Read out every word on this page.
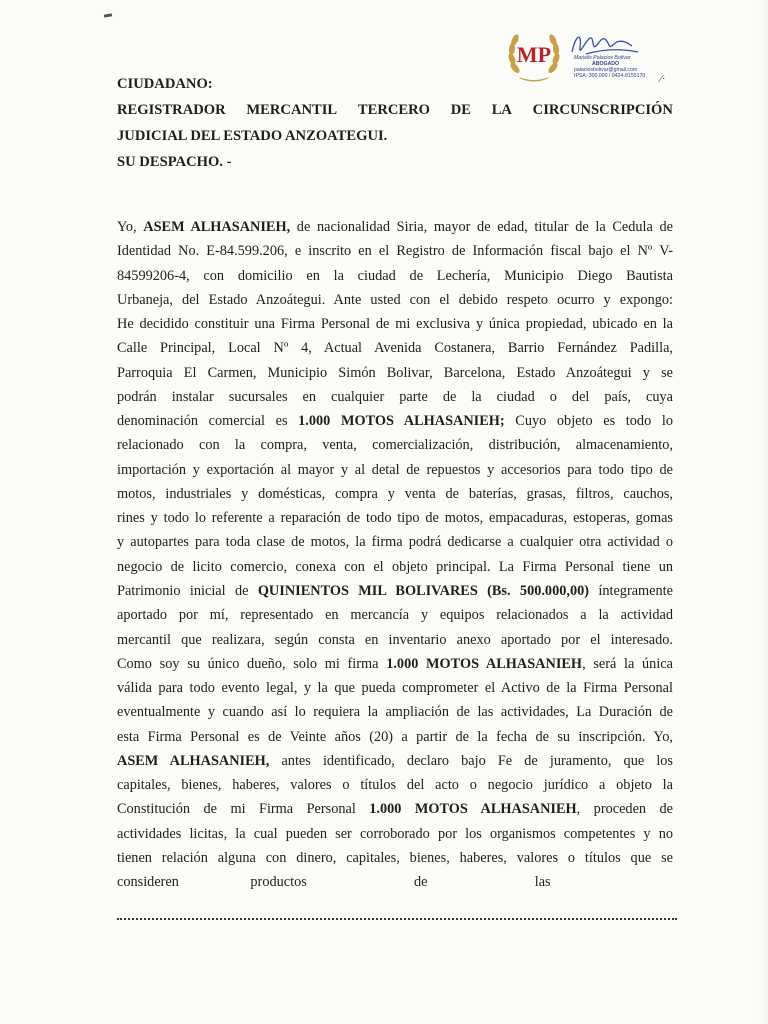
MP	Marielis Palacios Bolívar
ABOGADO
palaciosbolivar@gmail.com
IPSA: 300.000 / 0424-8155170 ⁄·
CIUDADANO:
REGISTRADOR MERCANTIL TERCERO DE LA CIRCUNSCRIPCIÓN
JUDICIAL DEL ESTADO ANZOATEGUI.
SU DESPACHO. -
Yo, ASEM ALHASANIEH, de nacionalidad Siria, mayor de edad, titular de la Cedula de
Identidad No. E-84.599.206, e inscrito en el Registro de Información fiscal bajo el Nº V-
84599206-4, con domicilio en la ciudad de Lechería, Municipio Diego Bautista
Urbaneja, del Estado Anzoátegui. Ante usted con el debido respeto ocurro y expongo:
He decidido constituir una Firma Personal de mi exclusiva y única propiedad, ubicado en la
Calle Principal, Local Nº 4, Actual Avenida Costanera, Barrio Fernández Padilla,
Parroquia El Carmen, Municipio Simón Bolivar, Barcelona, Estado Anzoátegui y se
podrán instalar sucursales en cualquier parte de la ciudad o del país, cuya
denominación comercial es 1.000 MOTOS ALHASANIEH; Cuyo objeto es todo lo
relacionado con la compra, venta, comercialización, distribución, almacenamiento,
importación y exportación al mayor y al detal de repuestos y accesorios para todo tipo de
motos, industriales y domésticas, compra y venta de baterías, grasas, filtros, cauchos,
rines y todo lo referente a reparación de todo tipo de motos, empacaduras, estoperas, gomas
y autopartes para toda clase de motos, la firma podrá dedicarse a cualquier otra actividad o
negocio de licito comercio, conexa con el objeto principal. La Firma Personal tiene un
Patrimonio inicial de QUINIENTOS MIL BOLIVARES (Bs. 500.000,00) íntegramente
aportado por mí, representado en mercancía y equipos relacionados a la actividad
mercantil que realizara, según consta en inventario anexo aportado por el interesado.
Como soy su único dueño, solo mi firma 1.000 MOTOS ALHASANIEH, será la única
válida para todo evento legal, y la que pueda comprometer el Activo de la Firma Personal
eventualmente y cuando así lo requiera la ampliación de las actividades, La Duración de
esta Firma Personal es de Veinte años (20) a partir de la fecha de su inscripción. Yo,
ASEM ALHASANIEH, antes identificado, declaro bajo Fe de juramento, que los
capitales, bienes, haberes, valores o títulos del acto o negocio jurídico a objeto la
Constitución de mi Firma Personal 1.000 MOTOS ALHASANIEH, proceden de
actividades licitas, la cual pueden ser corroborado por los organismos competentes y no
tienen relación alguna con dinero, capitales, bienes, haberes, valores o títulos que se
consideren                    productos                              de                              las
